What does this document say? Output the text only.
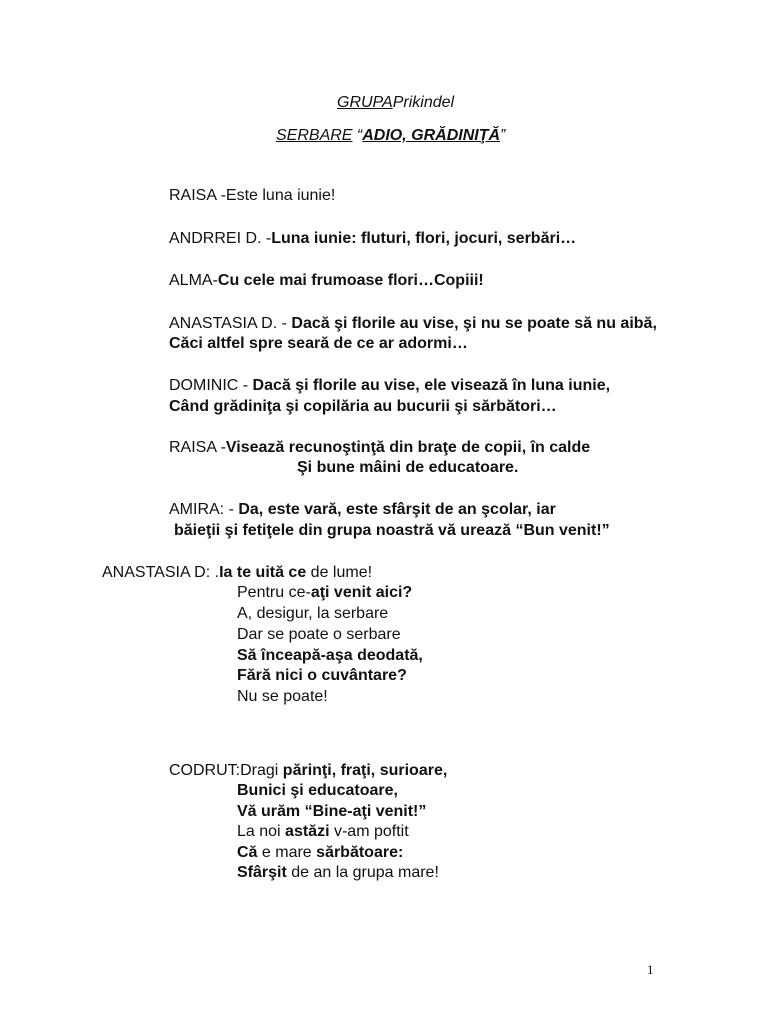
GRUPAPrikindel
SERBARE “ADIO, GRĂDINIŢĂ”
RAISA -Este luna iunie!
ANDRREI D. -Luna iunie: fluturi, flori, jocuri, serbări…
ALMA-Cu cele mai frumoase flori…Copiii!
ANASTASIA D. - Dacă şi florile au vise, şi nu se poate să nu aibă,
Căci altfel spre seară de ce ar adormi…
DOMINIC - Dacă şi florile au vise, ele visează în luna iunie,
Când grădiniţa şi copilăria au bucurii şi sărbători…
RAISA -Visează recunoştinţă din braţe de copii, în calde
Şi bune mâini de educatoare.
AMIRA: - Da, este vară, este sfârşit de an şcolar, iar
băieţii şi fetiţele din grupa noastră vă urează “Bun venit!”
ANASTASIA D: .Ia te uită ce de lume!
Pentru ce-aţi venit aici?
A, desigur, la serbare
Dar se poate o serbare
Să înceapă-aşa deodată,
Fără nici o cuvântare?
Nu se poate!
CODRUT:Dragi părinţi, fraţi, surioare,
Bunici şi educatoare,
Vă urăm “Bine-aţi venit!”
La noi astăzi v-am poftit
Că e mare sărbătoare:
Sfârşit de an la grupa mare!
1
